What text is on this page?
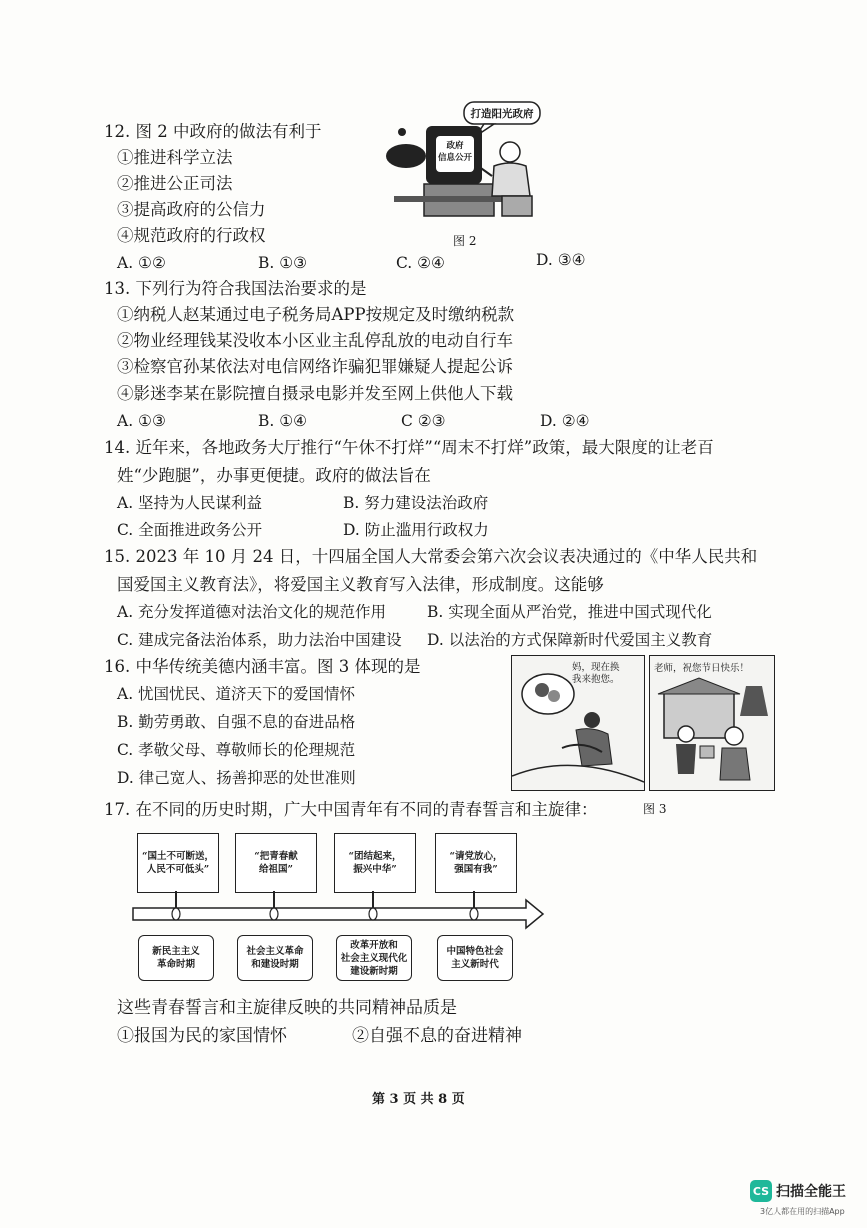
12. 图 2 中政府的做法有利于
①推进科学立法
②推进公正司法
③提高政府的公信力
④规范政府的行政权
A. ①②	B. ①③	C. ②④	D. ③④
打造阳光政府
政府
信息公开
图 2
13. 下列行为符合我国法治要求的是
①纳税人赵某通过电子税务局APP按规定及时缴纳税款
②物业经理钱某没收本小区业主乱停乱放的电动自行车
③检察官孙某依法对电信网络诈骗犯罪嫌疑人提起公诉
④影迷李某在影院擅自摄录电影并发至网上供他人下载
A. ①③	B. ①④	C ②③	D. ②④
14. 近年来，各地政务大厅推行“午休不打烊”“周末不打烊”政策，最大限度的让老百
姓“少跑腿”，办事更便捷。政府的做法旨在
A. 坚持为人民谋利益	B. 努力建设法治政府
C. 全面推进政务公开	D. 防止滥用行政权力
15. 2023 年 10 月 24 日，十四届全国人大常委会第六次会议表决通过的《中华人民共和
国爱国主义教育法》，将爱国主义教育写入法律，形成制度。这能够
A. 充分发挥道德对法治文化的规范作用	B. 实现全面从严治党，推进中国式现代化
C. 建成完备法治体系，助力法治中国建设 D. 以法治的方式保障新时代爱国主义教育
16. 中华传统美德内涵丰富。图 3 体现的是
A. 忧国忧民、道济天下的爱国情怀
B. 勤劳勇敢、自强不息的奋进品格
C. 孝敬父母、尊敬师长的伦理规范
D. 律己宽人、扬善抑恶的处世准则
妈，现在换
我来抱您。
老师，祝您节日快乐！
图 3
17. 在不同的历史时期，广大中国青年有不同的青春誓言和主旋律：
“国土不可断送，
人民不可低头”
“把青春献
给祖国”
“团结起来，
振兴中华”
“请党放心，
强国有我”
新民主主义
革命时期
社会主义革命
和建设时期
改革开放和
社会主义现代化
建设新时期
中国特色社会
主义新时代
这些青春誓言和主旋律反映的共同精神品质是
①报国为民的家国情怀	②自强不息的奋进精神
第 3 页 共 8 页
CS 扫描全能王
3亿人都在用的扫描App
